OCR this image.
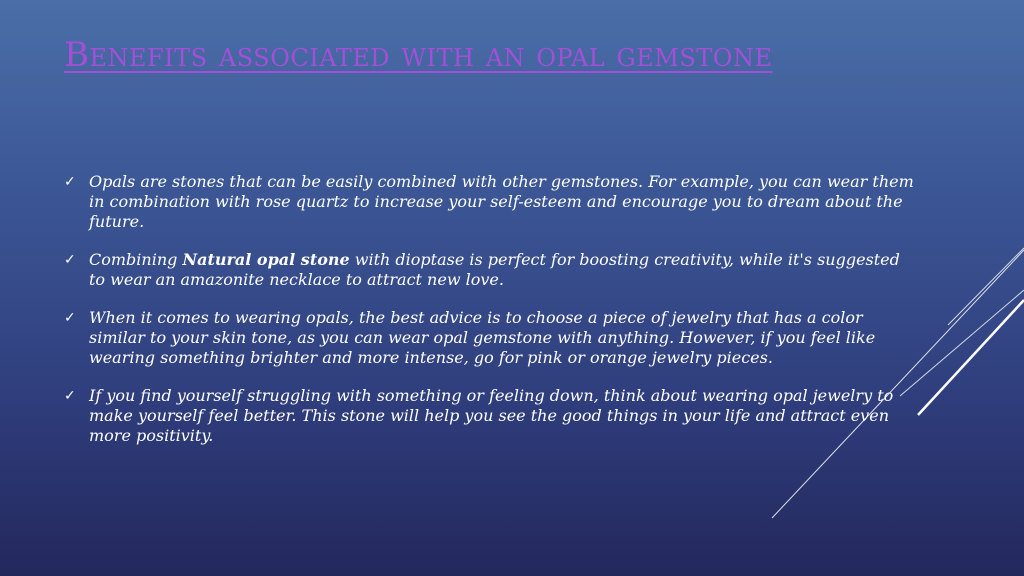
Benefits associated with an opal gemstone
✓ Opals are stones that can be easily combined with other gemstones. For example, you can wear them in combination with rose quartz to increase your self-esteem and encourage you to dream about the future.
✓ Combining Natural opal stone with dioptase is perfect for boosting creativity, while it's suggested to wear an amazonite necklace to attract new love.
✓ When it comes to wearing opals, the best advice is to choose a piece of jewelry that has a color similar to your skin tone, as you can wear opal gemstone with anything. However, if you feel like wearing something brighter and more intense, go for pink or orange jewelry pieces.
✓ If you find yourself struggling with something or feeling down, think about wearing opal jewelry to make yourself feel better. This stone will help you see the good things in your life and attract even more positivity.
